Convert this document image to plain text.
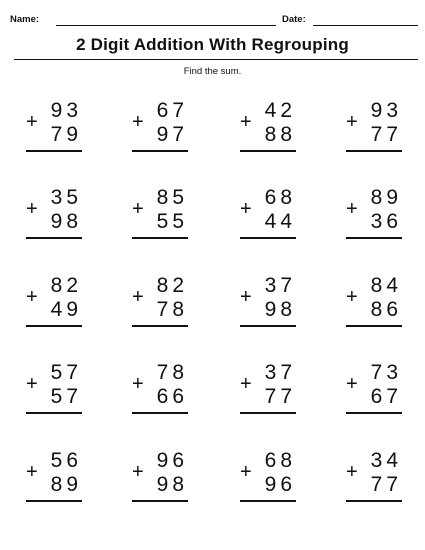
Name:	Date:
2 Digit Addition With Regrouping
Find the sum.
93
+
79
67
+
97
42
+
88
93
+
77
35
+
98
85
+
55
68
+
44
89
+
36
82
+
49
82
+
78
37
+
98
84
+
86
57
+
57
78
+
66
37
+
77
73
+
67
56
+
89
96
+
98
68
+
96
34
+
77
